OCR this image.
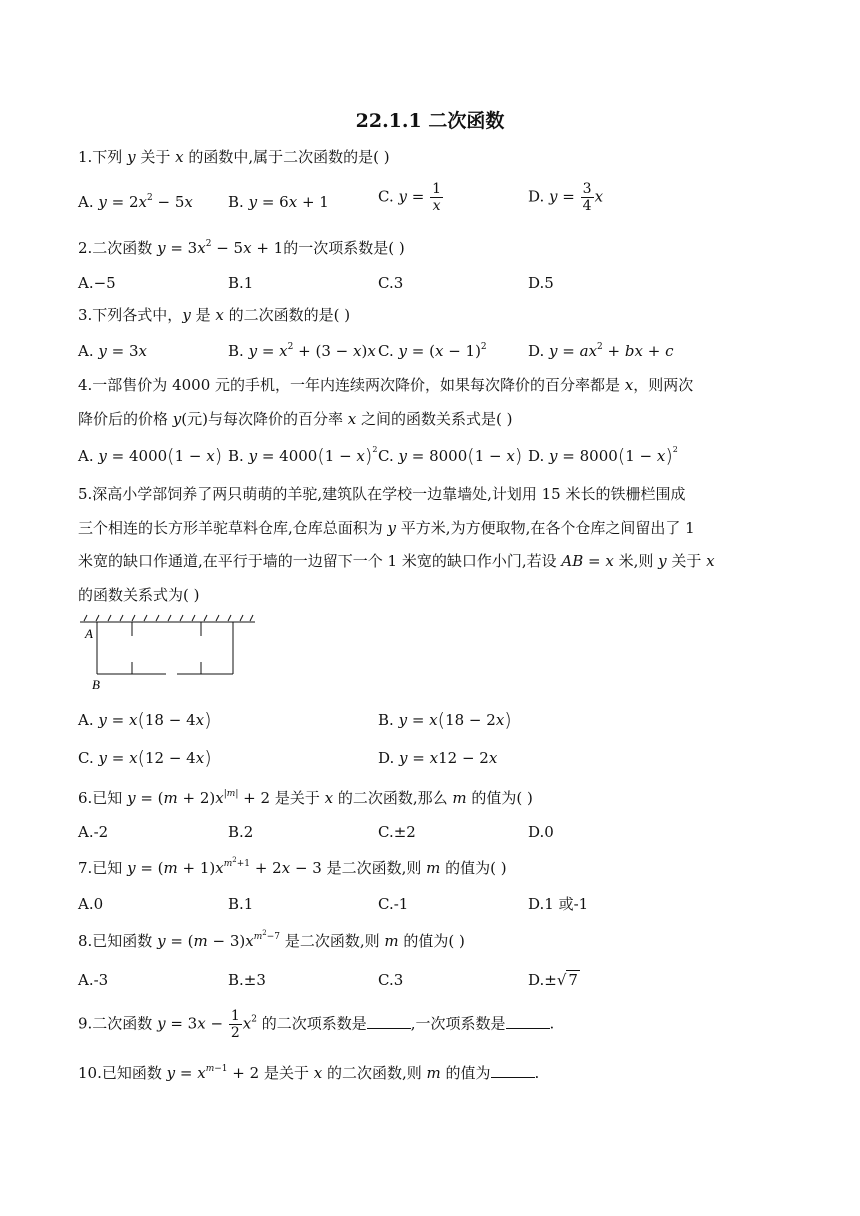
22.1.1 二次函数
1.下列 y 关于 x 的函数中,属于二次函数的是( )
A. $y = 2x^2 - 5x$ B. y = 6x + 1	C. $y = \frac{1}{x}$	D. $y = \frac{3}{4}$ x
2.二次函数 $y = 3x^2 - 5x + 1$的一次项系数是( )
A.−5	B.1	C.3	D.5
3.下列各式中，y 是 x 的二次函数的是( )
A. y = 3x	B. $y = x^2 + (3 - x)x$ C. $y = (x - 1)^2$	D. $y = ax^2$ + bx + c
4.一部售价为 4000 元的手机，一年内连续两次降价，如果每次降价的百分率都是 x，则两次
降价后的价格 y(元)与每次降价的百分率 x 之间的函数关系式是( )
A. y = 4000(1 − x) B. $y = 4000(1 - x)^2$ C. y = 8000(1 − x) D. $y = 8000(1 - x)^2$
5.深高小学部饲养了两只萌萌的羊驼,建筑队在学校一边靠墙处,计划用 15 米长的铁栅栏围成
三个相连的长方形羊驼草料仓库,仓库总面积为 y 平方米,为方便取物,在各个仓库之间留出了 1
米宽的缺口作通道,在平行于墙的一边留下一个 1 米宽的缺口作小门,若设 AB = x 米,则 y 关于 x
的函数关系式为( )
A
B
A. y = x(18 − 4x)	B. y = x(18 − 2x)
C. y = x(12 − 4x)	D. y = x12 − 2x
6.已知 $y = (m + 2)x^{|m|} + 2$ 是关于 x 的二次函数,那么 m 的值为( )
A.-2	B.2	C.±2	D.0
7.已知 $y = (m + 1)x^{m^2+1} + 2x - 3$ 是二次函数,则 m 的值为( )
A.0	B.1	C.-1	D.1 或-1
8.已知函数 $y = (m - 3)x^{m^2-7}$ 是二次函数,则 m 的值为( )
A.-3	B.±3	C.3	D.±√ 7
9.二次函数 $y = 3x - \frac{1}{2} x^2$ 的二次项系数是	,一次项系数是	.
10.已知函数 $y = x^{m-1} + 2$ 是关于 x 的二次函数,则 m 的值为	.
